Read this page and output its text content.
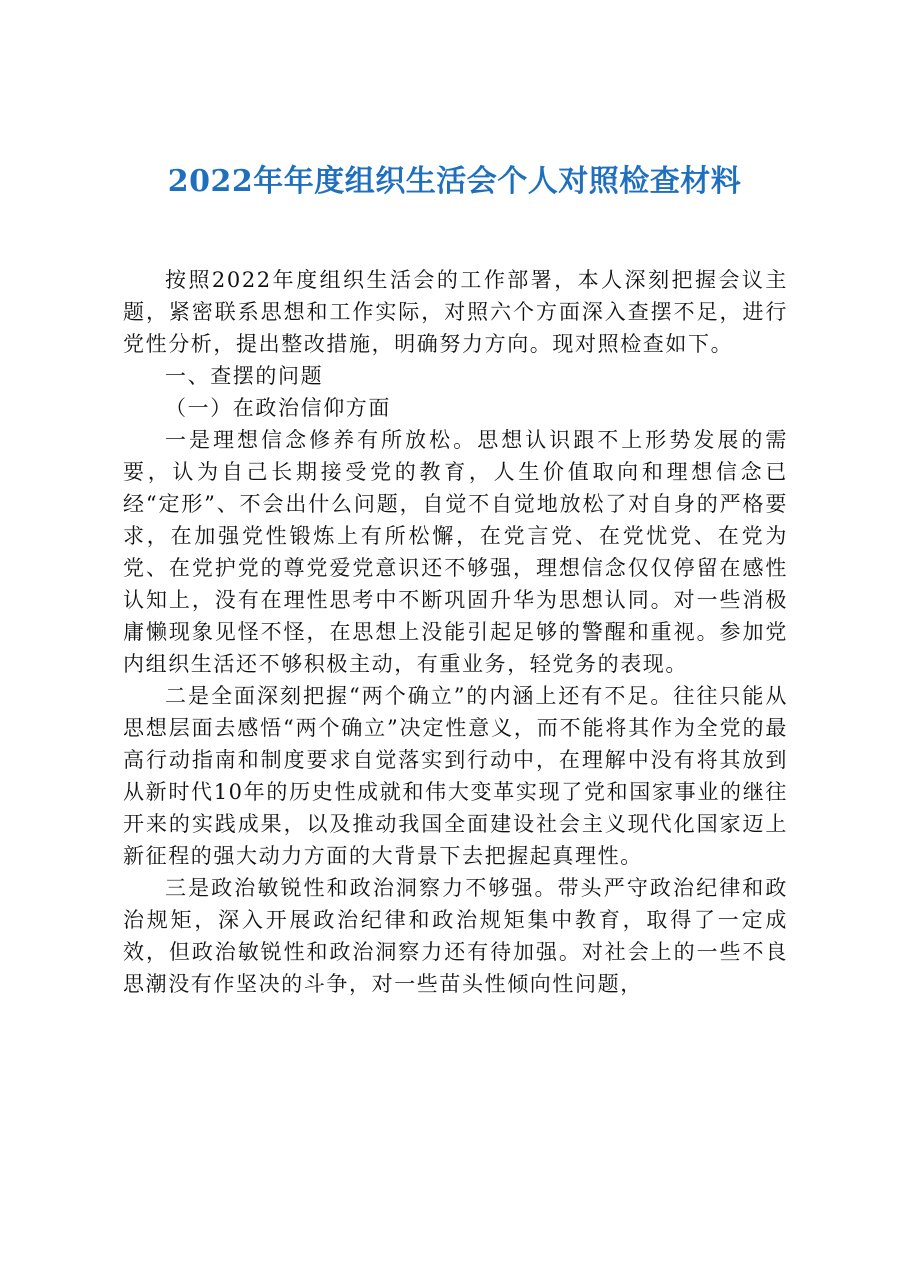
2022年年度组织生活会个人对照检查材料

按照2022年度组织生活会的工作部署，本人深刻把握会议主题，紧密联系思想和工作实际，对照六个方面深入查摆不足，进行党性分析，提出整改措施，明确努力方向。现对照检查如下。

一、查摆的问题

（一）在政治信仰方面

一是理想信念修养有所放松。思想认识跟不上形势发展的需要，认为自己长期接受党的教育，人生价值取向和理想信念已经“定形”、不会出什么问题，自觉不自觉地放松了对自身的严格要求，在加强党性锻炼上有所松懈，在党言党、在党忧党、在党为党、在党护党的尊党爱党意识还不够强，理想信念仅仅停留在感性认知上，没有在理性思考中不断巩固升华为思想认同。对一些消极庸懒现象见怪不怪，在思想上没能引起足够的警醒和重视。参加党内组织生活还不够积极主动，有重业务，轻党务的表现。

二是全面深刻把握“两个确立”的内涵上还有不足。往往只能从思想层面去感悟“两个确立”决定性意义，而不能将其作为全党的最高行动指南和制度要求自觉落实到行动中，在理解中没有将其放到从新时代10年的历史性成就和伟大变革实现了党和国家事业的继往开来的实践成果，以及推动我国全面建设社会主义现代化国家迈上新征程的强大动力方面的大背景下去把握起真理性。

三是政治敏锐性和政治洞察力不够强。带头严守政治纪律和政治规矩，深入开展政治纪律和政治规矩集中教育，取得了一定成效，但政治敏锐性和政治洞察力还有待加强。对社会上的一些不良思潮没有作坚决的斗争，对一些苗头性倾向性问题，
